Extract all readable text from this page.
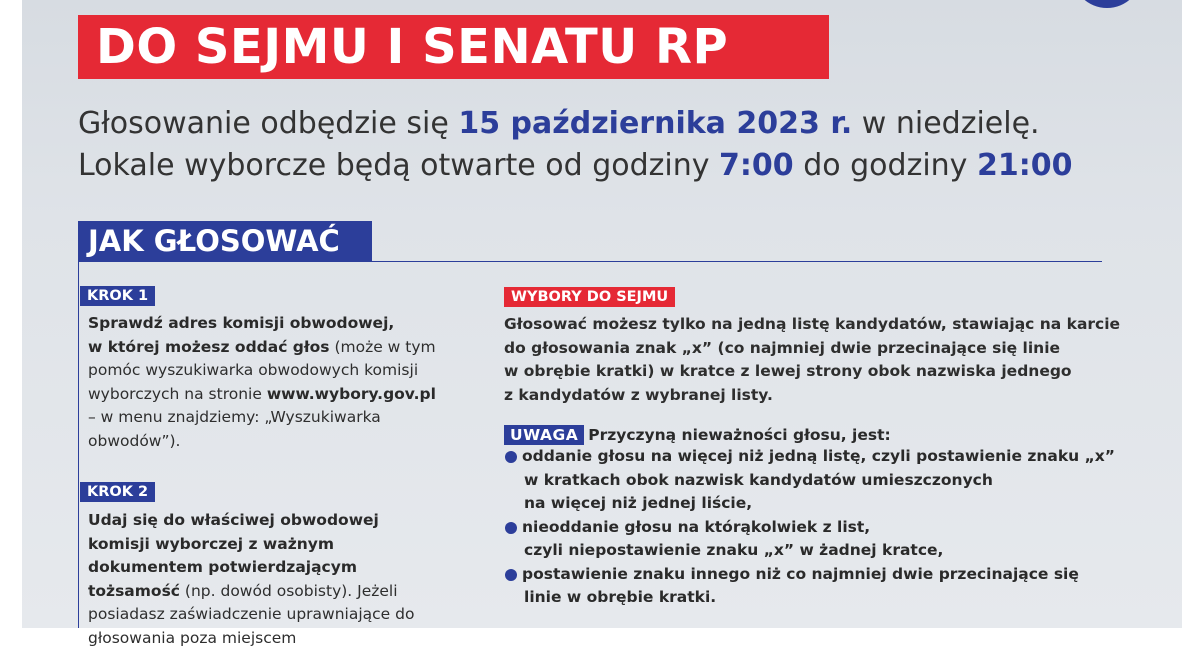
DO SEJMU I SENATU RP
Głosowanie odbędzie się 15 października 2023 r. w niedzielę.
Lokale wyborcze będą otwarte od godziny 7:00 do godziny 21:00
JAK GŁOSOWAĆ
KROK 1
Sprawdź adres komisji obwodowej,
w której możesz oddać głos (może w tym pomóc wyszukiwarka obwodowych komisji wyborczych na stronie www.wybory.gov.pl – w menu znajdziemy: „Wyszukiwarka obwodów”).
KROK 2
Udaj się do właściwej obwodowej komisji wyborczej z ważnym dokumentem potwierdzającym tożsamość (np. dowód osobisty). Jeżeli posiadasz zaświadczenie uprawniające do głosowania poza miejscem
WYBORY DO SEJMU
Głosować możesz tylko na jedną listę kandydatów, stawiając na karcie
do głosowania znak „x” (co najmniej dwie przecinające się linie
w obrębie kratki) w kratce z lewej strony obok nazwiska jednego
z kandydatów z wybranej listy.
UWAGA Przyczyną nieważności głosu, jest:
oddanie głosu na więcej niż jedną listę, czyli postawienie znaku „x”
w kratkach obok nazwisk kandydatów umieszczonych
na więcej niż jednej liście,
nieoddanie głosu na którąkolwiek z list,
czyli niepostawienie znaku „x” w żadnej kratce,
postawienie znaku innego niż co najmniej dwie przecinające się
linie w obrębie kratki.
